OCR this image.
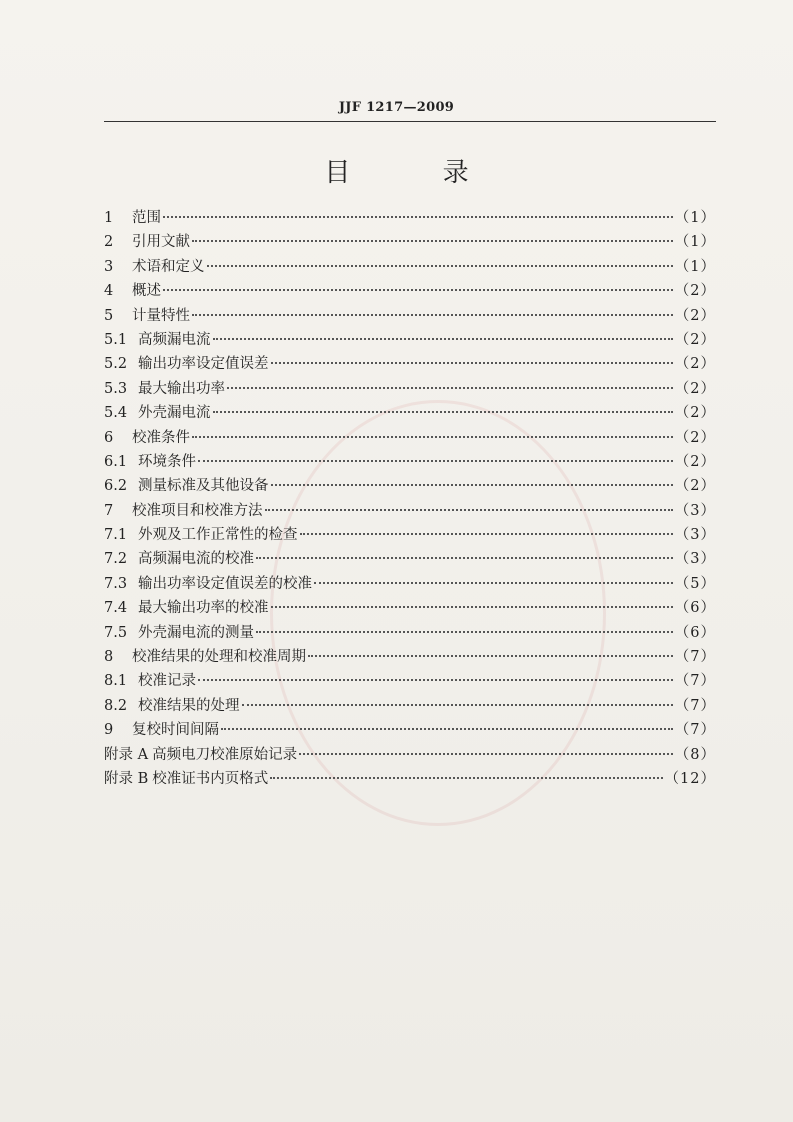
JJF 1217—2009
目 录
1	范围	（1）
2	引用文献	（1）
3	术语和定义	（1）
4	概述	（2）
5	计量特性	（2）
5.1 高频漏电流	（2）
5.2 输出功率设定值误差	（2）
5.3 最大输出功率	（2）
5.4 外壳漏电流	（2）
6	校准条件	（2）
6.1 环境条件	（2）
6.2 测量标准及其他设备	（2）
7	校准项目和校准方法	（3）
7.1 外观及工作正常性的检查	（3）
7.2 高频漏电流的校准	（3）
7.3 输出功率设定值误差的校准	（5）
7.4 最大输出功率的校准	（6）
7.5 外壳漏电流的测量	（6）
8	校准结果的处理和校准周期	（7）
8.1 校准记录	（7）
8.2 校准结果的处理	（7）
9	复校时间间隔	（7）
附录 A 高频电刀校准原始记录	（8）
附录 B 校准证书内页格式	（12）
